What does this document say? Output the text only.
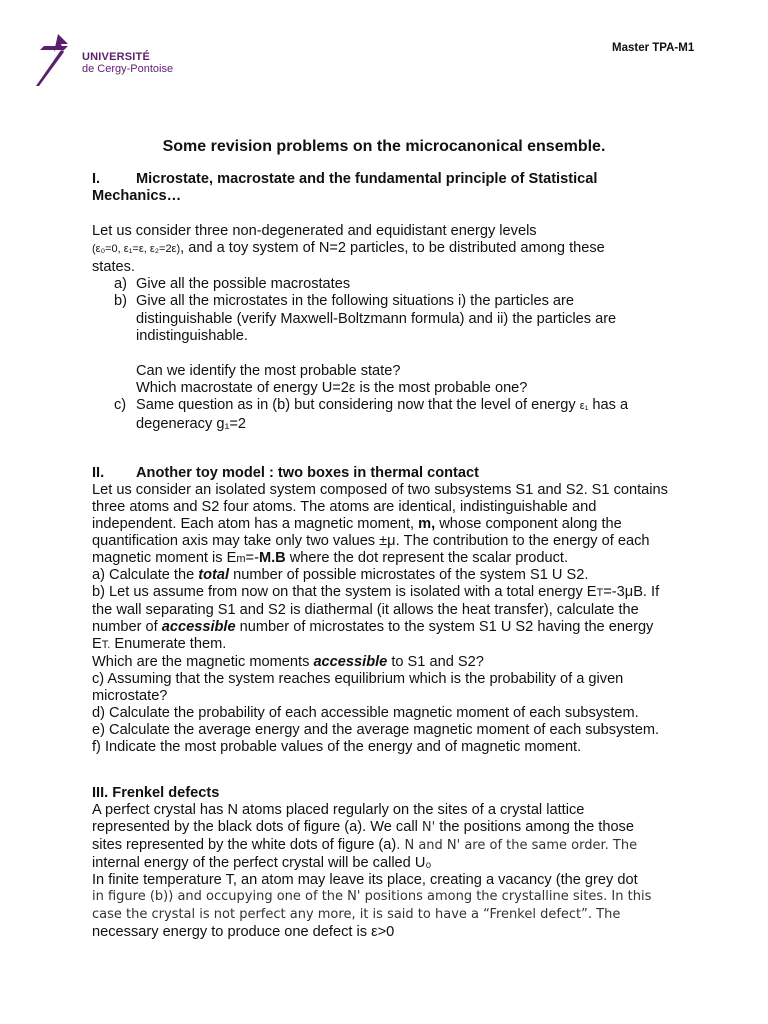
UNIVERSITÉ
de Cergy-Pontoise
Master TPA-M1
Some revision problems on the microcanonical ensemble.
I. Microstate, macrostate and the fundamental principle of Statistical
Mechanics…
Let us consider three non-degenerated and equidistant energy levels
(ε₀=0, ε₁=ε, ε₂=2ε), and a toy system of N=2 particles, to be distributed among these
states.
a) Give all the possible macrostates
b) Give all the microstates in the following situations i) the particles are
distinguishable (verify Maxwell-Boltzmann formula) and ii) the particles are
indistinguishable.
Can we identify the most probable state?
Which macrostate of energy U=2ε is the most probable one?
c) Same question as in (b) but considering now that the level of energy ε₁ has a
degeneracy g₁=2
II. Another toy model : two boxes in thermal contact
Let us consider an isolated system composed of two subsystems S1 and S2. S1 contains
three atoms and S2 four atoms. The atoms are identical, indistinguishable and
independent. Each atom has a magnetic moment, m, whose component along the
quantification axis may take only two values ±μ. The contribution to the energy of each
magnetic moment is Em=-M.B where the dot represent the scalar product.
a) Calculate the total number of possible microstates of the system S1 U S2.
b) Let us assume from now on that the system is isolated with a total energy ET=-3μB. If
the wall separating S1 and S2 is diathermal (it allows the heat transfer), calculate the
number of accessible number of microstates to the system S1 U S2 having the energy
ET. Enumerate them.
Which are the magnetic moments accessible to S1 and S2?
c) Assuming that the system reaches equilibrium which is the probability of a given
microstate?
d) Calculate the probability of each accessible magnetic moment of each subsystem.
e) Calculate the average energy and the average magnetic moment of each subsystem.
f) Indicate the most probable values of the energy and of magnetic moment.
III. Frenkel defects
A perfect crystal has N atoms placed regularly on the sites of a crystal lattice
represented by the black dots of figure (a). We call N' the positions among the those
sites represented by the white dots of figure (a). N and N' are of the same order. The
internal energy of the perfect crystal will be called U₀
In finite temperature T, an atom may leave its place, creating a vacancy (the grey dot
in figure (b)) and occupying one of the N' positions among the crystalline sites. In this
case the crystal is not perfect any more, it is said to have a “Frenkel defect”. The
necessary energy to produce one defect is ε>0
